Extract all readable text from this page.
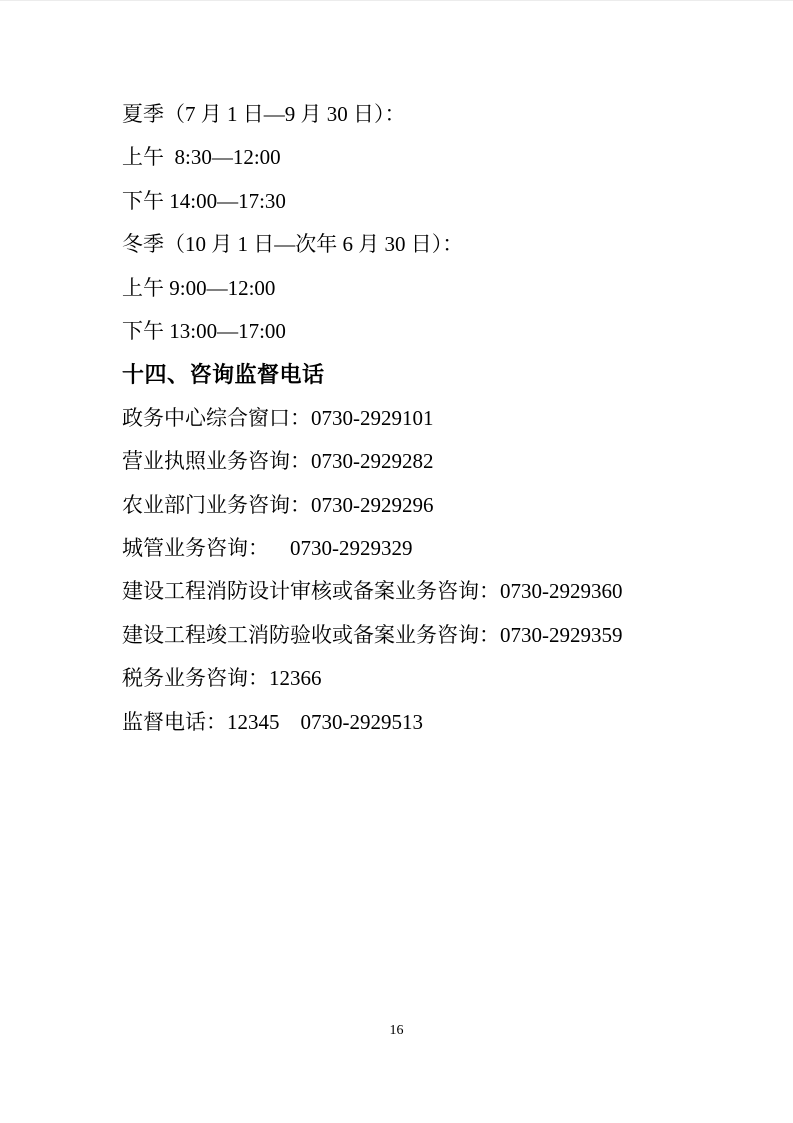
夏季（7 月 1 日—9 月 30 日）：

上午  8:30—12:00

下午 14:00—17:30

冬季（10 月 1 日—次年 6 月 30 日）：

上午 9:00—12:00

下午 13:00—17:00

十四、咨询监督电话

政务中心综合窗口：0730-2929101

营业执照业务咨询：0730-2929282

农业部门业务咨询：0730-2929296

城管业务咨询：    0730-2929329

建设工程消防设计审核或备案业务咨询：0730-2929360

建设工程竣工消防验收或备案业务咨询：0730-2929359

税务业务咨询：12366

监督电话：12345    0730-2929513

16
